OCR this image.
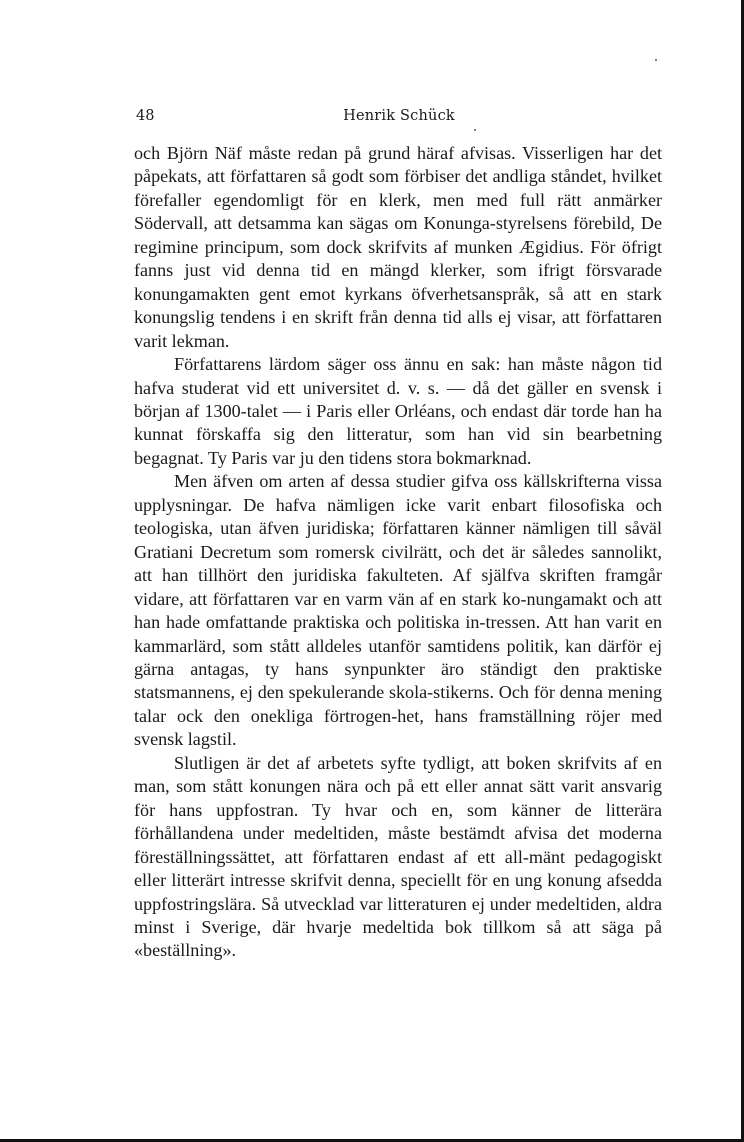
48	Henrik Schück

och Björn Näf måste redan på grund häraf afvisas. Visserligen har det påpekats, att författaren så godt som förbiser det andliga ståndet, hvilket förefaller egendomligt för en klerk, men med full rätt anmärker Södervall, att detsamma kan sägas om Konunga-styrelsens förebild, De regimine principum, som dock skrifvits af munken Ægidius. För öfrigt fanns just vid denna tid en mängd klerker, som ifrigt försvarade konungamakten gent emot kyrkans öfverhetsanspråk, så att en stark konungslig tendens i en skrift från denna tid alls ej visar, att författaren varit lekman.

Författarens lärdom säger oss ännu en sak: han måste någon tid hafva studerat vid ett universitet d. v. s. — då det gäller en svensk i början af 1300-talet — i Paris eller Orléans, och endast där torde han ha kunnat förskaffa sig den litteratur, som han vid sin bearbetning begagnat. Ty Paris var ju den tidens stora bokmarknad.

Men äfven om arten af dessa studier gifva oss källskrifterna vissa upplysningar. De hafva nämligen icke varit enbart filosofiska och teologiska, utan äfven juridiska; författaren känner nämligen till såväl Gratiani Decretum som romersk civilrätt, och det är således sannolikt, att han tillhört den juridiska fakulteten. Af själfva skriften framgår vidare, att författaren var en varm vän af en stark ko-nungamakt och att han hade omfattande praktiska och politiska in-tressen. Att han varit en kammarlärd, som stått alldeles utanför samtidens politik, kan därför ej gärna antagas, ty hans synpunkter äro ständigt den praktiske statsmannens, ej den spekulerande skola-stikerns. Och för denna mening talar ock den onekliga förtrogen-het, hans framställning röjer med svensk lagstil.

Slutligen är det af arbetets syfte tydligt, att boken skrifvits af en man, som stått konungen nära och på ett eller annat sätt varit ansvarig för hans uppfostran. Ty hvar och en, som känner de litterära förhållandena under medeltiden, måste bestämdt afvisa det moderna föreställningssättet, att författaren endast af ett all-mänt pedagogiskt eller litterärt intresse skrifvit denna, speciellt för en ung konung afsedda uppfostringslära. Så utvecklad var litteraturen ej under medeltiden, aldra minst i Sverige, där hvarje medeltida bok tillkom så att säga på «beställning».
